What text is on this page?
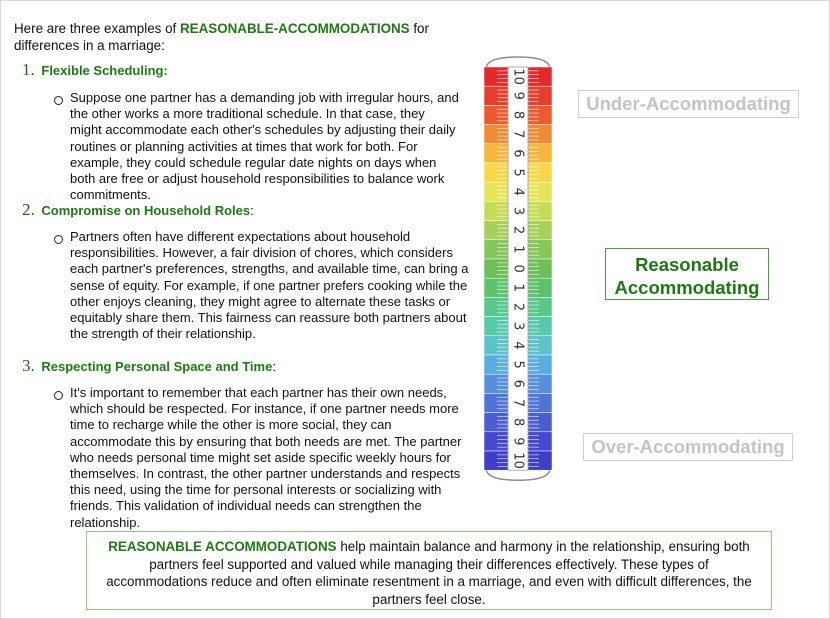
Here are three examples of REASONABLE-ACCOMMODATIONS for differences in a marriage:
1. Flexible Scheduling:
Suppose one partner has a demanding job with irregular hours, and the other works a more traditional schedule. In that case, they might accommodate each other's schedules by adjusting their daily routines or planning activities at times that work for both. For example, they could schedule regular date nights on days when both are free or adjust household responsibilities to balance work commitments.
2. Compromise on Household Roles:
Partners often have different expectations about household responsibilities. However, a fair division of chores, which considers each partner's preferences, strengths, and available time, can bring a sense of equity. For example, if one partner prefers cooking while the other enjoys cleaning, they might agree to alternate these tasks or equitably share them. This fairness can reassure both partners about the strength of their relationship.
3. Respecting Personal Space and Time:
It's important to remember that each partner has their own needs, which should be respected. For instance, if one partner needs more time to recharge while the other is more social, they can accommodate this by ensuring that both needs are met. The partner who needs personal time might set aside specific weekly hours for themselves. In contrast, the other partner understands and respects this need, using the time for personal interests or socializing with friends. This validation of individual needs can strengthen the relationship.
10
9
8
7
6
5
4
3
2
1
0
1
2
3
4
5
6
7
8
9
10
Under-Accommodating
Reasonable
Accommodating
Over-Accommodating
REASONABLE ACCOMMODATIONS help maintain balance and harmony in the relationship, ensuring both partners feel supported and valued while managing their differences effectively. These types of accommodations reduce and often eliminate resentment in a marriage, and even with difficult differences, the partners feel close.
